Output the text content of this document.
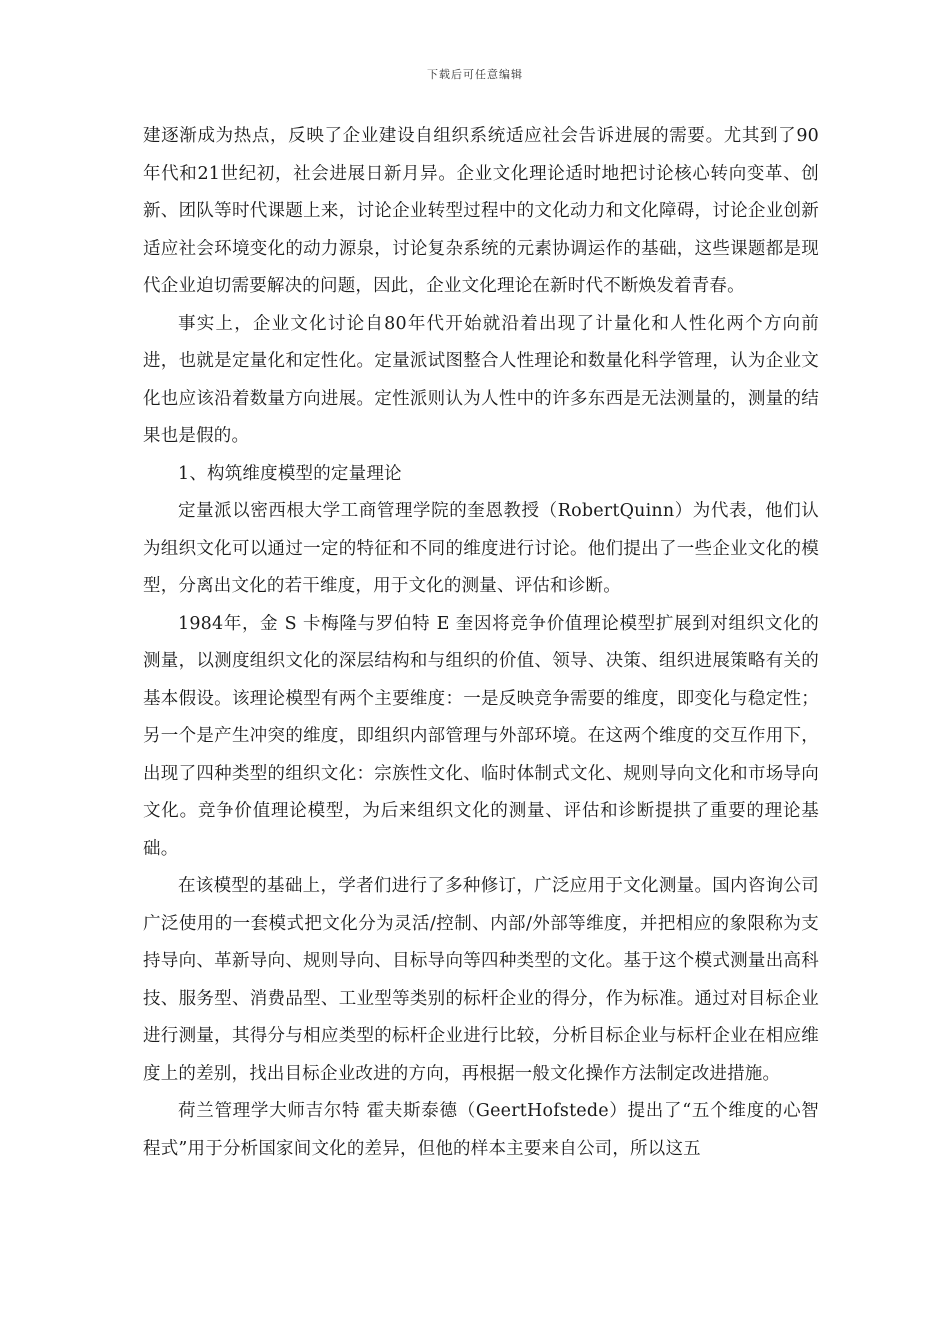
下载后可任意编辑

建逐渐成为热点，反映了企业建设自组织系统适应社会告诉进展的需要。尤其到了90年代和21世纪初，社会进展日新月异。企业文化理论适时地把讨论核心转向变革、创新、团队等时代课题上来，讨论企业转型过程中的文化动力和文化障碍，讨论企业创新适应社会环境变化的动力源泉，讨论复杂系统的元素协调运作的基础，这些课题都是现代企业迫切需要解决的问题，因此，企业文化理论在新时代不断焕发着青春。

事实上，企业文化讨论自80年代开始就沿着出现了计量化和人性化两个方向前进，也就是定量化和定性化。定量派试图整合人性理论和数量化科学管理，认为企业文化也应该沿着数量方向进展。定性派则认为人性中的许多东西是无法测量的，测量的结果也是假的。

1、构筑维度模型的定量理论

定量派以密西根大学工商管理学院的奎恩教授（RobertQuinn）为代表，他们认为组织文化可以通过一定的特征和不同的维度进行讨论。他们提出了一些企业文化的模型，分离出文化的若干维度，用于文化的测量、评估和诊断。

1984年，金 S 卡梅隆与罗伯特 E 奎因将竞争价值理论模型扩展到对组织文化的测量，以测度组织文化的深层结构和与组织的价值、领导、决策、组织进展策略有关的基本假设。该理论模型有两个主要维度：一是反映竞争需要的维度，即变化与稳定性；另一个是产生冲突的维度，即组织内部管理与外部环境。在这两个维度的交互作用下，出现了四种类型的组织文化：宗族性文化、临时体制式文化、规则导向文化和市场导向文化。竞争价值理论模型，为后来组织文化的测量、评估和诊断提拱了重要的理论基础。

在该模型的基础上，学者们进行了多种修订，广泛应用于文化测量。国内咨询公司广泛使用的一套模式把文化分为灵活/控制、内部/外部等维度，并把相应的象限称为支持导向、革新导向、规则导向、目标导向等四种类型的文化。基于这个模式测量出高科技、服务型、消费品型、工业型等类别的标杆企业的得分，作为标准。通过对目标企业进行测量，其得分与相应类型的标杆企业进行比较，分析目标企业与标杆企业在相应维度上的差别，找出目标企业改进的方向，再根据一般文化操作方法制定改进措施。

荷兰管理学大师吉尔特 霍夫斯泰德（GeertHofstede）提出了“五个维度的心智程式”用于分析国家间文化的差异，但他的样本主要来自公司，所以这五
